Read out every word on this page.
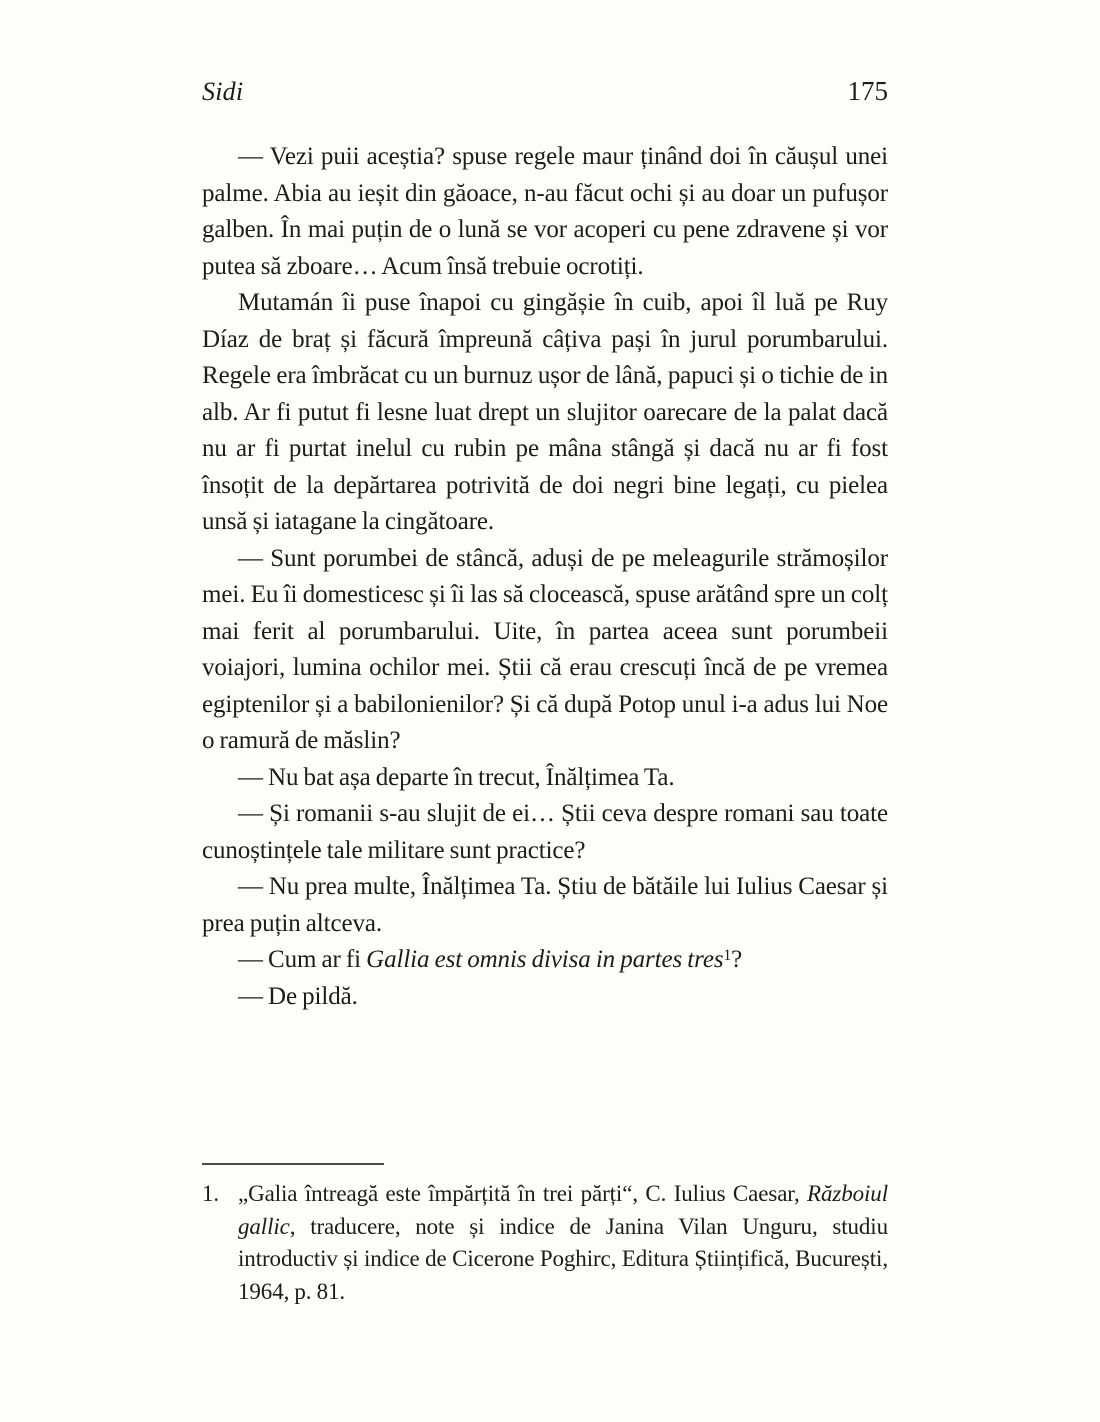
Sidi	175

— Vezi puii aceștia? spuse regele maur ținând doi în căușul unei palme. Abia au ieșit din găoace, n-au făcut ochi și au doar un pufușor galben. În mai puțin de o lună se vor acoperi cu pene zdravene și vor putea să zboare… Acum însă trebuie ocrotiți.

Mutamán îi puse înapoi cu gingășie în cuib, apoi îl luă pe Ruy Díaz de braț și făcură împreună câțiva pași în jurul porumbarului. Regele era îmbrăcat cu un burnuz ușor de lână, papuci și o tichie de in alb. Ar fi putut fi lesne luat drept un slujitor oarecare de la palat dacă nu ar fi purtat inelul cu rubin pe mâna stângă și dacă nu ar fi fost însoțit de la depărtarea potrivită de doi negri bine legați, cu pielea unsă și iatagane la cingătoare.

— Sunt porumbei de stâncă, aduși de pe meleagurile strămoșilor mei. Eu îi domesticesc și îi las să clocească, spuse arătând spre un colț mai ferit al porumbarului. Uite, în partea aceea sunt porumbeii voiajori, lumina ochilor mei. Știi că erau crescuți încă de pe vremea egiptenilor și a babilonienilor? Și că după Potop unul i-a adus lui Noe o ramură de măslin?

— Nu bat așa departe în trecut, Înălțimea Ta.

— Și romanii s-au slujit de ei… Știi ceva despre romani sau toate cunoștințele tale militare sunt practice?

— Nu prea multe, Înălțimea Ta. Știu de bătăile lui Iulius Caesar și prea puțin altceva.

— Cum ar fi Gallia est omnis divisa in partes tres$^1$?

— De pildă.

1. „Galia întreagă este împărțită în trei părți“, C. Iulius Caesar, Războiul gallic, traducere, note și indice de Janina Vilan Unguru, studiu introductiv și indice de Cicerone Poghirc, Editura Științifică, București, 1964, p. 81.
